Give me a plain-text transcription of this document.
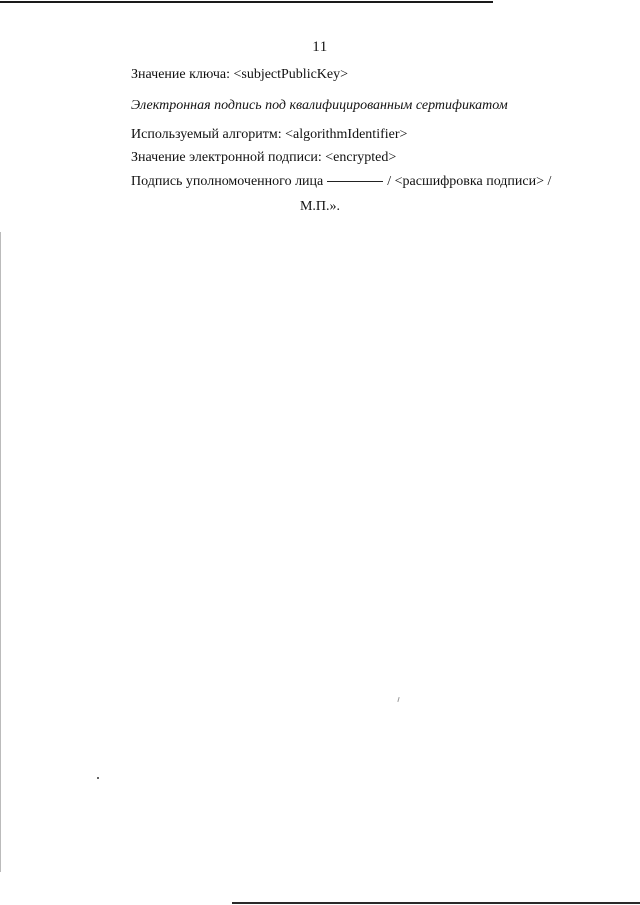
11
Значение ключа: <subjectPublicKey>
Электронная подпись под квалифицированным сертификатом
Используемый алгоритм: <algorithmIdentifier>
Значение электронной подписи: <encrypted>
Подпись уполномоченного лица	/ <расшифровка подписи> /
М.П.».
